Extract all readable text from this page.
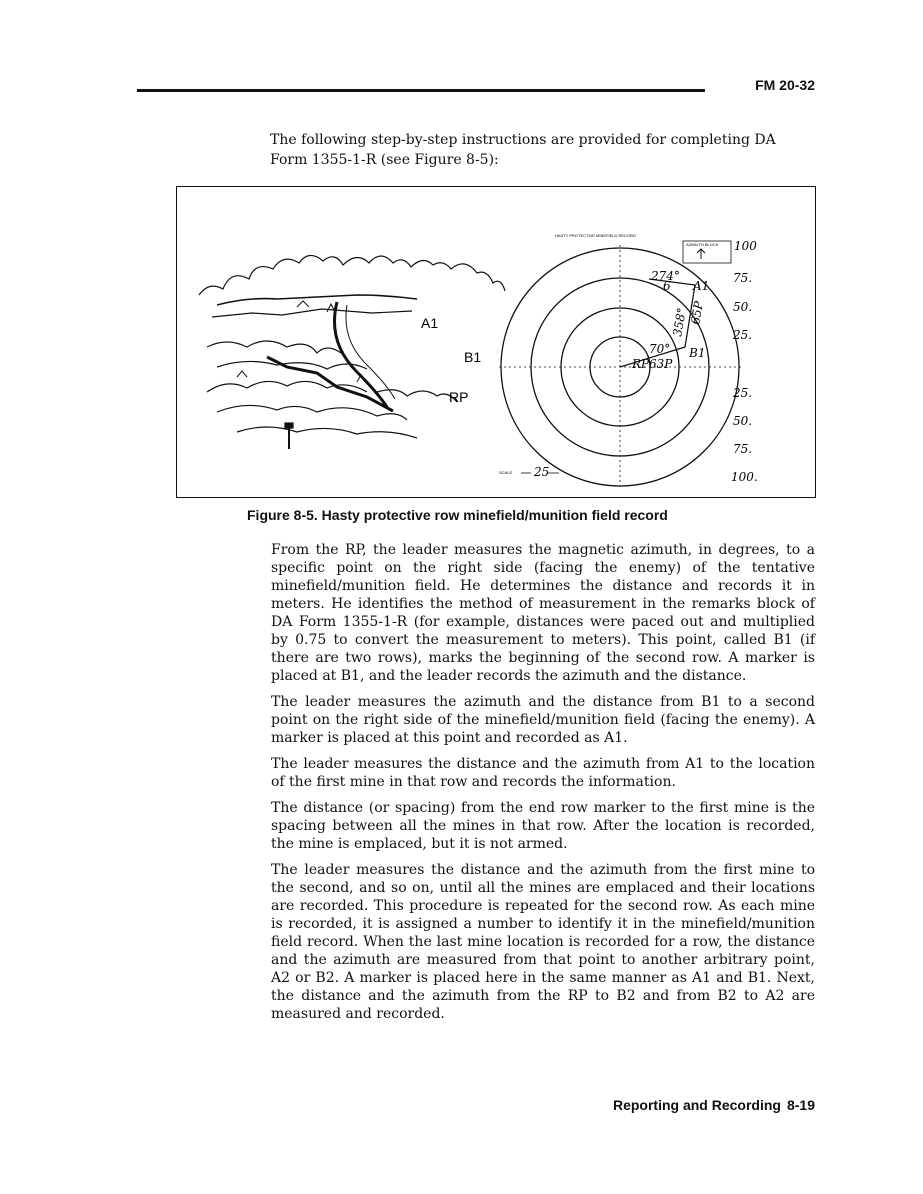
FM 20-32
The following step-by-step instructions are provided for completing DA Form 1355-1-R (see Figure 8-5):
A1
B1
RP
HASTY PROTECTIVE MINEFIELD RECORD
AZIMUTH BLOCK 100
274°
6 A1
358° 65P
B1
70°
63P
RP
75.
50.
25.
25.
50.
75.
100.
SCALE 25
Figure 8-5. Hasty protective row minefield/munition field record

From the RP, the leader measures the magnetic azimuth, in degrees, to a specific point on the right side (facing the enemy) of the tentative minefield/munition field. He determines the distance and records it in meters. He identifies the method of measurement in the remarks block of DA Form 1355-1-R (for example, distances were paced out and multiplied by 0.75 to convert the measurement to meters). This point, called B1 (if there are two rows), marks the beginning of the second row. A marker is placed at B1, and the leader records the azimuth and the distance.

The leader measures the azimuth and the distance from B1 to a second point on the right side of the minefield/munition field (facing the enemy). A marker is placed at this point and recorded as A1.

The leader measures the distance and the azimuth from A1 to the location of the first mine in that row and records the information.

The distance (or spacing) from the end row marker to the first mine is the spacing between all the mines in that row. After the location is recorded, the mine is emplaced, but it is not armed.

The leader measures the distance and the azimuth from the first mine to the second, and so on, until all the mines are emplaced and their locations are recorded. This procedure is repeated for the second row. As each mine is recorded, it is assigned a number to identify it in the minefield/munition field record. When the last mine location is recorded for a row, the distance and the azimuth are measured from that point to another arbitrary point, A2 or B2. A marker is placed here in the same manner as A1 and B1. Next, the distance and the azimuth from the RP to B2 and from B2 to A2 are measured and recorded.

Reporting and Recording 8-19
